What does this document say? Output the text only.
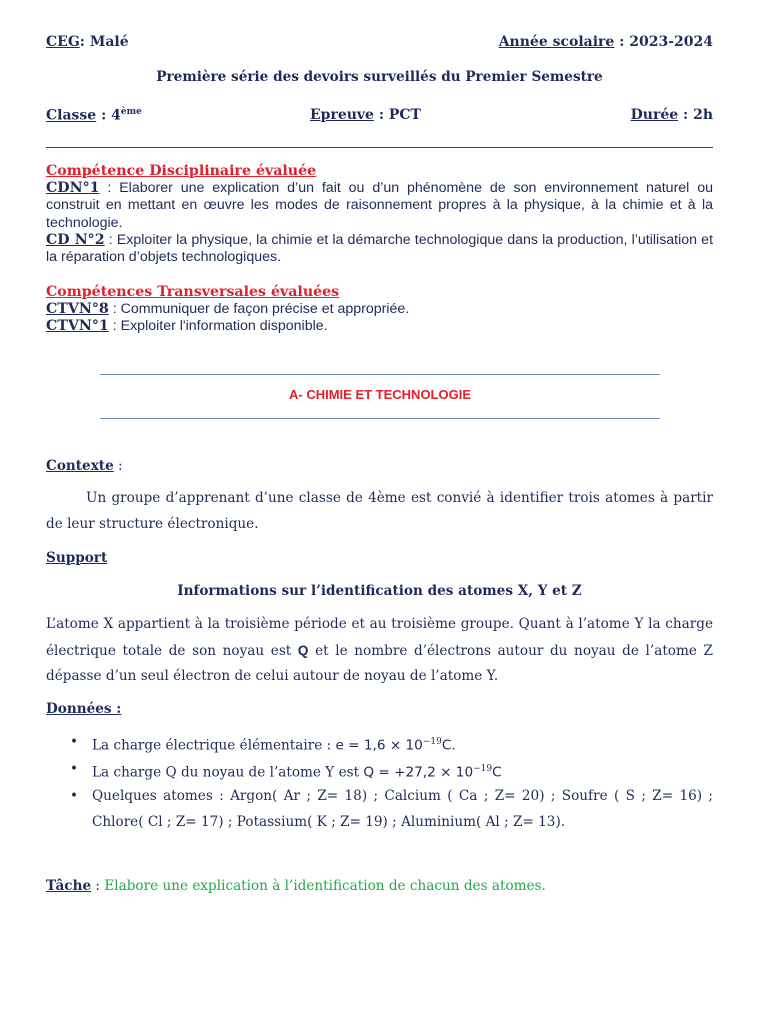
CEG: Malé	Année scolaire : 2023-2024
Première série des devoirs surveillés du Premier Semestre
Classe : 4ème	Epreuve : PCT	Durée : 2h
Compétence Disciplinaire évaluée
CDN°1 : Elaborer une explication d’un fait ou d’un phénomène de son environnement naturel ou construit en mettant en œuvre les modes de raisonnement propres à la physique, à la chimie et à la technologie.
CD N°2 : Exploiter la physique, la chimie et la démarche technologique dans la production, l’utilisation et la réparation d’objets technologiques.
Compétences Transversales évaluées
CTVN°8 : Communiquer de façon précise et appropriée.
CTVN°1 : Exploiter l'information disponible.
A- CHIMIE ET TECHNOLOGIE
Contexte :
Un groupe d’apprenant d’une classe de 4ème est convié à identifier trois atomes à partir de leur structure électronique.
Support
Informations sur l’identification des atomes X, Y et Z
L’atome X appartient à la troisième période et au troisième groupe. Quant à l’atome Y la charge électrique totale de son noyau est Q et le nombre d’électrons autour du noyau de l’atome Z dépasse d’un seul électron de celui autour de noyau de l’atome Y.
Données :
• La charge électrique élémentaire : $e = 1,6 \times 10^{-19}C$.
• La charge Q du noyau de l’atome Y est $Q = +27,2 \times 10^{-19}C$
• Quelques atomes : Argon( Ar ; Z= 18) ; Calcium ( Ca ; Z= 20) ; Soufre ( S ; Z= 16) ; Chlore( Cl ; Z= 17) ; Potassium( K ; Z= 19) ; Aluminium( Al ; Z= 13).
Tâche : Elabore une explication à l’identification de chacun des atomes.
